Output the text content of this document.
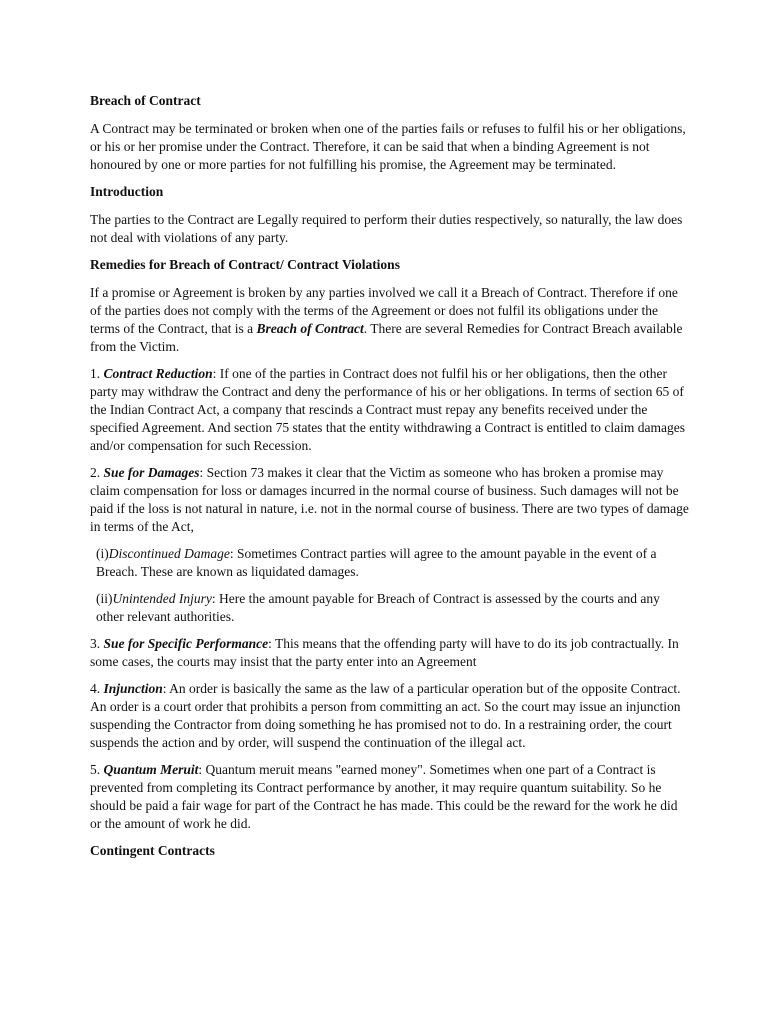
Breach of Contract

A Contract may be terminated or broken when one of the parties fails or refuses to fulfil his or her obligations, or his or her promise under the Contract. Therefore, it can be said that when a binding Agreement is not honoured by one or more parties for not fulfilling his promise, the Agreement may be terminated.

Introduction

The parties to the Contract are Legally required to perform their duties respectively, so naturally, the law does not deal with violations of any party.

Remedies for Breach of Contract/ Contract Violations

If a promise or Agreement is broken by any parties involved we call it a Breach of Contract. Therefore if one of the parties does not comply with the terms of the Agreement or does not fulfil its obligations under the terms of the Contract, that is a Breach of Contract. There are several Remedies for Contract Breach available from the Victim.

1. Contract Reduction: If one of the parties in Contract does not fulfil his or her obligations, then the other party may withdraw the Contract and deny the performance of his or her obligations. In terms of section 65 of the Indian Contract Act, a company that rescinds a Contract must repay any benefits received under the specified Agreement. And section 75 states that the entity withdrawing a Contract is entitled to claim damages and/or compensation for such Recession.

2. Sue for Damages: Section 73 makes it clear that the Victim as someone who has broken a promise may claim compensation for loss or damages incurred in the normal course of business. Such damages will not be paid if the loss is not natural in nature, i.e. not in the normal course of business. There are two types of damage in terms of the Act,

(i)Discontinued Damage: Sometimes Contract parties will agree to the amount payable in the event of a Breach. These are known as liquidated damages.

(ii)Unintended Injury: Here the amount payable for Breach of Contract is assessed by the courts and any other relevant authorities.

3. Sue for Specific Performance: This means that the offending party will have to do its job contractually. In some cases, the courts may insist that the party enter into an Agreement

4. Injunction: An order is basically the same as the law of a particular operation but of the opposite Contract. An order is a court order that prohibits a person from committing an act. So the court may issue an injunction suspending the Contractor from doing something he has promised not to do. In a restraining order, the court suspends the action and by order, will suspend the continuation of the illegal act.

5. Quantum Meruit: Quantum meruit means "earned money". Sometimes when one part of a Contract is prevented from completing its Contract performance by another, it may require quantum suitability. So he should be paid a fair wage for part of the Contract he has made. This could be the reward for the work he did or the amount of work he did.

Contingent Contracts
